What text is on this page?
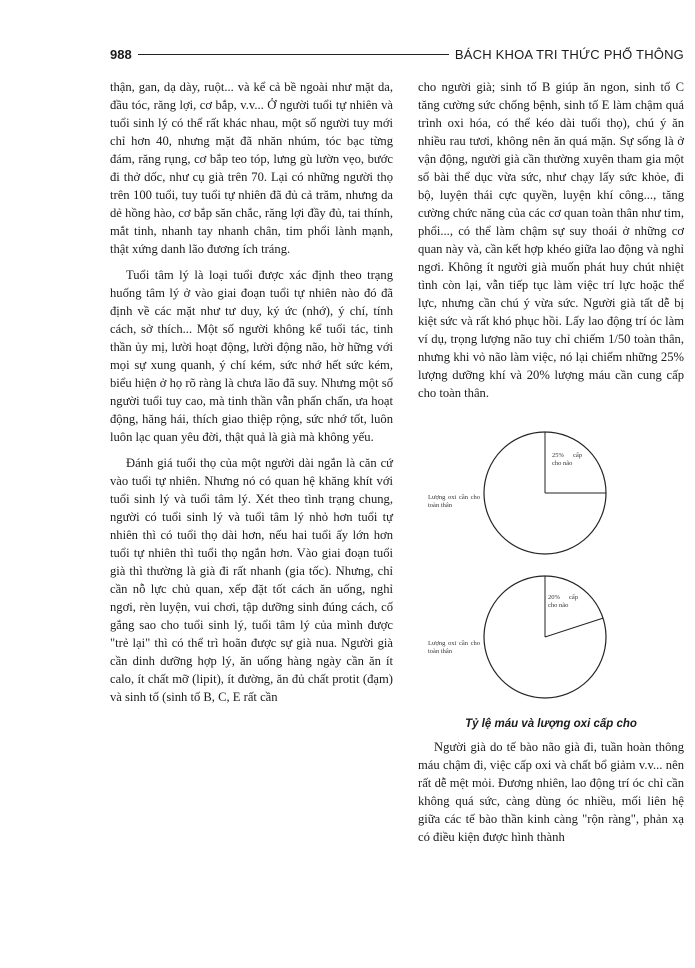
988	BÁCH KHOA TRI THỨC PHỔ THÔNG

thận, gan, dạ dày, ruột... và kể cả bề ngoài như mặt da, đầu tóc, răng lợi, cơ bắp, v.v... Ở người tuổi tự nhiên và tuổi sinh lý có thể rất khác nhau, một số người tuy mới chỉ hơn 40, nhưng mặt đã nhăn nhúm, tóc bạc từng đám, răng rụng, cơ bắp teo tóp, lưng gù lườn vẹo, bước đi thở dốc, như cụ già trên 70. Lại có những người thọ trên 100 tuổi, tuy tuổi tự nhiên đã đủ cả trăm, nhưng da dẻ hồng hào, cơ bắp săn chắc, răng lợi đầy đủ, tai thính, mắt tinh, nhanh tay nhanh chân, tim phổi lành mạnh, thật xứng danh lão đương ích tráng.

Tuổi tâm lý là loại tuổi được xác định theo trạng huống tâm lý ở vào giai đoạn tuổi tự nhiên nào đó đã định về các mặt như tư duy, ký ức (nhớ), ý chí, tính cách, sở thích... Một số người không kể tuổi tác, tinh thần ủy mị, lười hoạt động, lười động não, hờ hững với mọi sự xung quanh, ý chí kém, sức nhớ hết sức kém, biểu hiện ở họ rõ ràng là chưa lão đã suy. Nhưng một số người tuổi tuy cao, mà tinh thần vẫn phấn chấn, ưa hoạt động, hăng hái, thích giao thiệp rộng, sức nhớ tốt, luôn luôn lạc quan yêu đời, thật quả là già mà không yếu.

Đánh giá tuổi thọ của một người dài ngắn là căn cứ vào tuổi tự nhiên. Nhưng nó có quan hệ khăng khít với tuổi sinh lý và tuổi tâm lý. Xét theo tình trạng chung, người có tuổi sinh lý và tuổi tâm lý nhỏ hơn tuổi tự nhiên thì có tuổi thọ dài hơn, nếu hai tuổi ấy lớn hơn tuổi tự nhiên thì tuổi thọ ngắn hơn. Vào giai đoạn tuổi già thì thường là già đi rất nhanh (gia tốc). Nhưng, chỉ cần nỗ lực chủ quan, xếp đặt tốt cách ăn uống, nghỉ ngơi, rèn luyện, vui chơi, tập dưỡng sinh đúng cách, cố gắng sao cho tuổi sinh lý, tuổi tâm lý của mình được "trẻ lại" thì có thể trì hoãn được sự già nua. Người già cần dinh dưỡng hợp lý, ăn uống hàng ngày cần ăn ít calo, ít chất mỡ (lipit), ít đường, ăn đủ chất protit (đạm) và sinh tố (sinh tố B, C, E rất cần

cho người già; sinh tố B giúp ăn ngon, sinh tố C tăng cường sức chống bệnh, sinh tố E làm chậm quá trình oxi hóa, có thể kéo dài tuổi thọ), chú ý ăn nhiều rau tươi, không nên ăn quá mặn. Sự sống là ở vận động, người già cần thường xuyên tham gia một số bài thể dục vừa sức, như chạy lấy sức khỏe, đi bộ, luyện thái cực quyền, luyện khí công..., tăng cường chức năng của các cơ quan toàn thân như tim, phổi..., có thể làm chậm sự suy thoái ở những cơ quan này và, cần kết hợp khéo giữa lao động và nghỉ ngơi. Không ít người già muốn phát huy chút nhiệt tình còn lại, vẫn tiếp tục làm việc trí lực hoặc thể lực, nhưng cần chú ý vừa sức. Người già tất dễ bị kiệt sức và rất khó phục hồi. Lấy lao động trí óc làm ví dụ, trọng lượng não tuy chỉ chiếm 1/50 toàn thân, nhưng khi vỏ não làm việc, nó lại chiếm những 25% lượng dưỡng khí và 20% lượng máu cần cung cấp cho toàn thân.

25% cấp cho não
Lượng oxi cần cho toàn thân
20% cấp cho não
Lượng oxi cần cho toàn thân
Tỷ lệ máu và lượng oxi cấp cho

Người già do tế bào não già đi, tuần hoàn thông máu chậm đi, việc cấp oxi và chất bổ giảm v.v... nên rất dễ mệt mỏi. Đương nhiên, lao động trí óc chỉ cần không quá sức, càng dùng óc nhiều, mối liên hệ giữa các tế bào thần kinh càng "rộn ràng", phản xạ có điều kiện được hình thành
